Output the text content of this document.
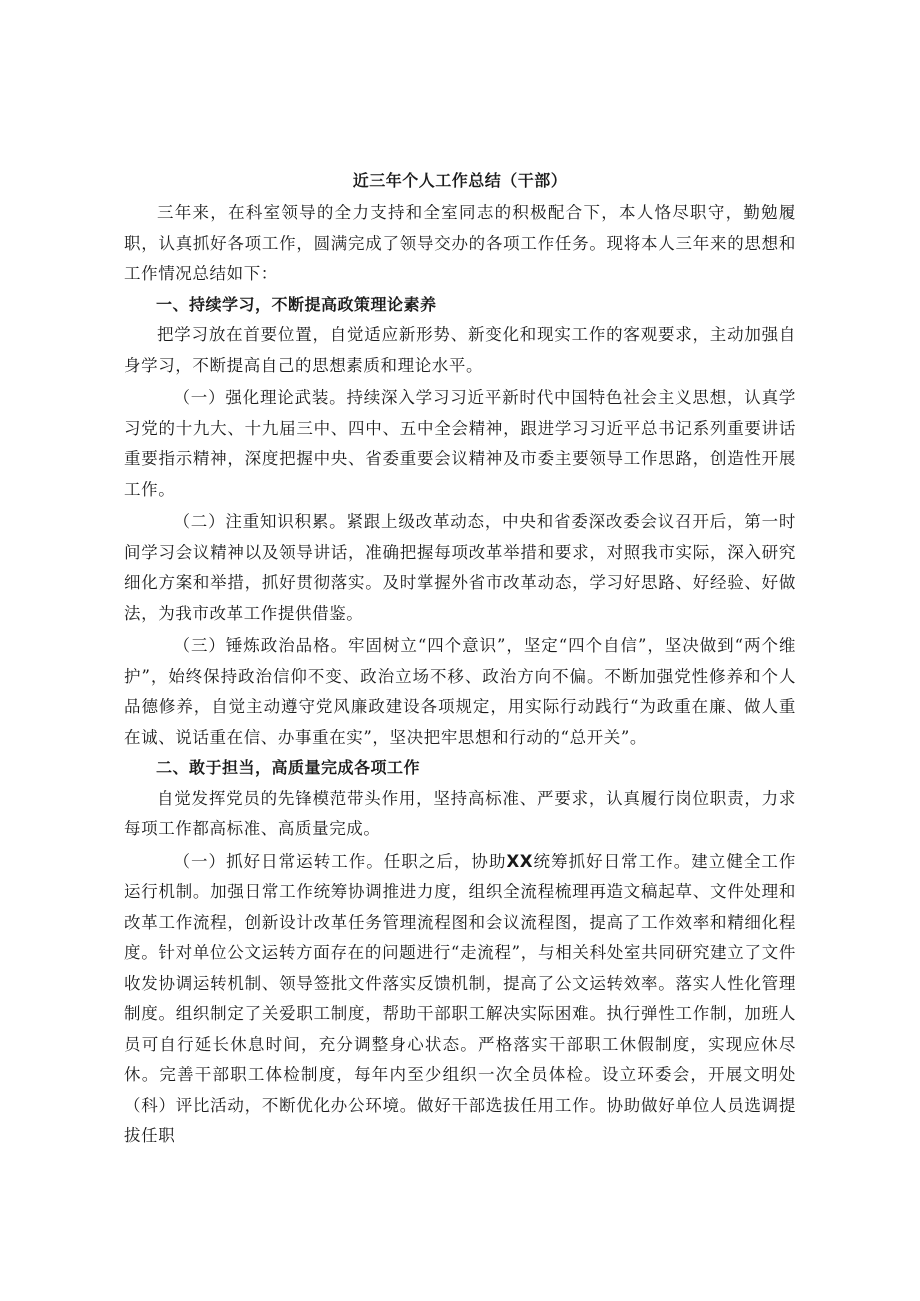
近三年个人工作总结（干部）

三年来，在科室领导的全力支持和全室同志的积极配合下，本人恪尽职守，勤勉履职，认真抓好各项工作，圆满完成了领导交办的各项工作任务。现将本人三年来的思想和工作情况总结如下：

一、持续学习，不断提高政策理论素养

把学习放在首要位置，自觉适应新形势、新变化和现实工作的客观要求，主动加强自身学习，不断提高自己的思想素质和理论水平。

（一）强化理论武装。持续深入学习习近平新时代中国特色社会主义思想，认真学习党的十九大、十九届三中、四中、五中全会精神，跟进学习习近平总书记系列重要讲话重要指示精神，深度把握中央、省委重要会议精神及市委主要领导工作思路，创造性开展工作。

（二）注重知识积累。紧跟上级改革动态，中央和省委深改委会议召开后，第一时间学习会议精神以及领导讲话，准确把握每项改革举措和要求，对照我市实际，深入研究细化方案和举措，抓好贯彻落实。及时掌握外省市改革动态，学习好思路、好经验、好做法，为我市改革工作提供借鉴。

（三）锤炼政治品格。牢固树立“四个意识”，坚定“四个自信”，坚决做到“两个维护”，始终保持政治信仰不变、政治立场不移、政治方向不偏。不断加强党性修养和个人品德修养，自觉主动遵守党风廉政建设各项规定，用实际行动践行“为政重在廉、做人重在诚、说话重在信、办事重在实”，坚决把牢思想和行动的“总开关”。

二、敢于担当，高质量完成各项工作

自觉发挥党员的先锋模范带头作用，坚持高标准、严要求，认真履行岗位职责，力求每项工作都高标准、高质量完成。

（一）抓好日常运转工作。任职之后，协助XX统筹抓好日常工作。建立健全工作运行机制。加强日常工作统筹协调推进力度，组织全流程梳理再造文稿起草、文件处理和改革工作流程，创新设计改革任务管理流程图和会议流程图，提高了工作效率和精细化程度。针对单位公文运转方面存在的问题进行“走流程”，与相关科处室共同研究建立了文件收发协调运转机制、领导签批文件落实反馈机制，提高了公文运转效率。落实人性化管理制度。组织制定了关爱职工制度，帮助干部职工解决实际困难。执行弹性工作制，加班人员可自行延长休息时间，充分调整身心状态。严格落实干部职工休假制度，实现应休尽休。完善干部职工体检制度，每年内至少组织一次全员体检。设立环委会，开展文明处（科）评比活动，不断优化办公环境。做好干部选拔任用工作。协助做好单位人员选调提拔任职
